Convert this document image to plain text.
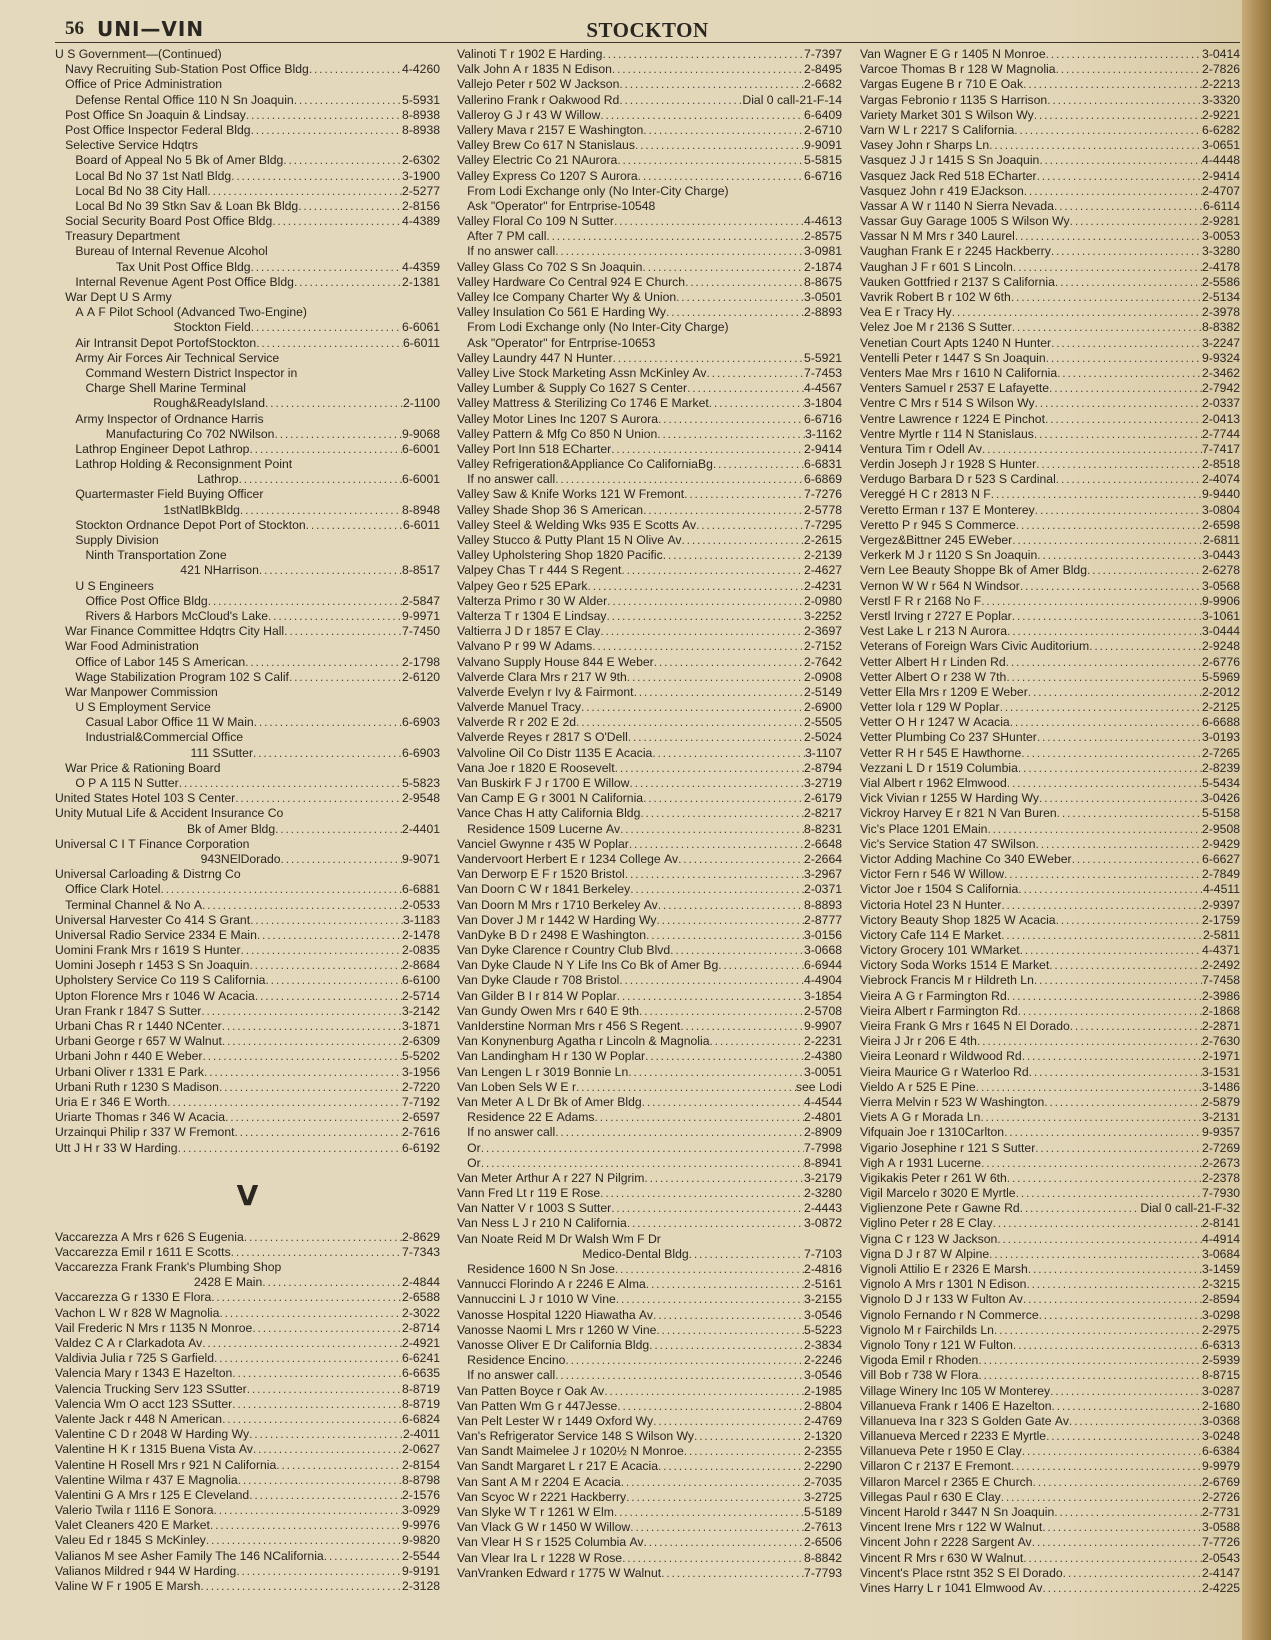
56 UNI—VIN	STOCKTON
U S Government—(Continued)
Navy Recruiting Sub-Station Post Office Bldg .....	4-4260
Office of Price Administration
Defense Rental Office 110 N Sn Joaquin .....	5-5931
Post Office Sn Joaquin & Lindsay .....	8-8938
Post Office Inspector Federal Bldg .....	8-8938
Selective Service Hdqtrs
Board of Appeal No 5 Bk of Amer Bldg .....	2-6302
Local Bd No 37 1st Natl Bldg .....	3-1900
Local Bd No 38 City Hall .....	2-5277
Local Bd No 39 Stkn Sav & Loan Bk Bldg .....	2-8156
Social Security Board Post Office Bldg .....	4-4389
Treasury Department
Bureau of Internal Revenue Alcohol
Tax Unit Post Office Bldg .....	4-4359
Internal Revenue Agent Post Office Bldg .....	2-1381
War Dept U S Army
A A F Pilot School (Advanced Two-Engine)
Stockton Field .....	6-6061
Air Intransit Depot PortofStockton .....	6-6011
Army Air Forces Air Technical Service
Command Western District Inspector in
Charge Shell Marine Terminal
Rough&ReadyIsland .....	2-1100
Army Inspector of Ordnance Harris
Manufacturing Co 702 NWilson .....	9-9068
Lathrop Engineer Depot Lathrop .....	6-6001
Lathrop Holding & Reconsignment Point
Lathrop .....	6-6001
Quartermaster Field Buying Officer
1stNatlBkBldg .....	8-8948
Stockton Ordnance Depot Port of Stockton .....	6-6011
Supply Division
Ninth Transportation Zone
421 NHarrison .....	8-8517
U S Engineers
Office Post Office Bldg .....	2-5847
Rivers & Harbors McCloud's Lake .....	9-9971
War Finance Committee Hdqtrs City Hall .....	7-7450
War Food Administration
Office of Labor 145 S American .....	2-1798
Wage Stabilization Program 102 S Calif .....	2-6120
War Manpower Commission
U S Employment Service
Casual Labor Office 11 W Main .....	6-6903
Industrial&Commercial Office
111 SSutter .....	6-6903
War Price & Rationing Board
O P A 115 N Sutter .....	5-5823
United States Hotel 103 S Center .....	2-9548
Unity Mutual Life & Accident Insurance Co
Bk of Amer Bldg .....	2-4401
Universal C I T Finance Corporation
943NElDorado .....	9-9071
Universal Carloading & Distrng Co
Office Clark Hotel .....	6-6881
Terminal Channel & No A .....	2-0533
Universal Harvester Co 414 S Grant .....	3-1183
Universal Radio Service 2334 E Main .....	2-1478
Uomini Frank Mrs r 1619 S Hunter .....	2-0835
Uomini Joseph r 1453 S Sn Joaquin .....	2-8684
Upholstery Service Co 119 S California .....	6-6100
Upton Florence Mrs r 1046 W Acacia .....	2-5714
Uran Frank r 1847 S Sutter .....	3-2142
Urbani Chas R r 1440 NCenter .....	3-1871
Urbani George r 657 W Walnut .....	2-6309
Urbani John r 440 E Weber .....	5-5202
Urbani Oliver r 1331 E Park .....	3-1956
Urbani Ruth r 1230 S Madison .....	2-7220
Uria E r 346 E Worth .....	7-7192
Uriarte Thomas r 346 W Acacia .....	2-6597
Urzainqui Philip r 337 W Fremont .....	2-7616
Utt J H r 33 W Harding .....	6-6192
V
Vaccarezza A Mrs r 626 S Eugenia .....	2-8629
Vaccarezza Emil r 1611 E Scotts .....	7-7343
Vaccarezza Frank Frank's Plumbing Shop
2428 E Main .....	2-4844
Vaccarezza G r 1330 E Flora .....	2-6588
Vachon L W r 828 W Magnolia .....	2-3022
Vail Frederic N Mrs r 1135 N Monroe .....	2-8714
Valdez C A r Clarkadota Av .....	2-4921
Valdivia Julia r 725 S Garfield .....	6-6241
Valencia Mary r 1343 E Hazelton .....	6-6635
Valencia Trucking Serv 123 SSutter .....	8-8719
Valencia Wm O acct 123 SSutter .....	8-8719
Valente Jack r 448 N American .....	6-6824
Valentine C D r 2048 W Harding Wy .....	2-4011
Valentine H K r 1315 Buena Vista Av .....	2-0627
Valentine H Rosell Mrs r 921 N California .....	2-8154
Valentine Wilma r 437 E Magnolia .....	8-8798
Valentini G A Mrs r 125 E Cleveland .....	2-1576
Valerio Twila r 1116 E Sonora .....	3-0929
Valet Cleaners 420 E Market .....	9-9976
Valeu Ed r 1845 S McKinley .....	9-9820
Valianos M see Asher Family The 146 NCalifornia .....	2-5544
Valianos Mildred r 944 W Harding .....	9-9191
Valine W F r 1905 E Marsh .....	2-3128
Valinoti T r 1902 E Harding .....	7-7397
Valk John A r 1835 N Edison .....	2-8495
Vallejo Peter r 502 W Jackson .....	2-6682
Vallerino Frank r Oakwood Rd .....	Dial 0 call-21-F-14
Valleroy G J r 43 W Willow .....	6-6409
Vallery Mava r 2157 E Washington .....	2-6710
Valley Brew Co 617 N Stanislaus .....	9-9091
Valley Electric Co 21 NAurora .....	5-5815
Valley Express Co 1207 S Aurora .....	6-6716
From Lodi Exchange only (No Inter-City Charge)
Ask "Operator" for Entrprise-10548
Valley Floral Co 109 N Sutter .....	4-4613
After 7 PM call .....	2-8575
If no answer call .....	3-0981
Valley Glass Co 702 S Sn Joaquin .....	2-1874
Valley Hardware Co Central 924 E Church .....	8-8675
Valley Ice Company Charter Wy & Union .....	3-0501
Valley Insulation Co 561 E Harding Wy .....	2-8893
From Lodi Exchange only (No Inter-City Charge)
Ask "Operator" for Entrprise-10653
Valley Laundry 447 N Hunter .....	5-5921
Valley Live Stock Marketing Assn McKinley Av .....	7-7453
Valley Lumber & Supply Co 1627 S Center .....	4-4567
Valley Mattress & Sterilizing Co 1746 E Market .....	3-1804
Valley Motor Lines Inc 1207 S Aurora .....	6-6716
Valley Pattern & Mfg Co 850 N Union .....	3-1162
Valley Port Inn 518 ECharter .....	2-9414
Valley Refrigeration&Appliance Co CaliforniaBg .....	6-6831
If no answer call .....	6-6869
Valley Saw & Knife Works 121 W Fremont .....	7-7276
Valley Shade Shop 36 S American .....	2-5778
Valley Steel & Welding Wks 935 E Scotts Av .....	7-7295
Valley Stucco & Putty Plant 15 N Olive Av .....	2-2615
Valley Upholstering Shop 1820 Pacific .....	2-2139
Valpey Chas T r 444 S Regent .....	2-4627
Valpey Geo r 525 EPark .....	2-4231
Valterza Primo r 30 W Alder .....	2-0980
Valterza T r 1304 E Lindsay .....	3-2252
Valtierra J D r 1857 E Clay .....	2-3697
Valvano P r 99 W Adams .....	2-7152
Valvano Supply House 844 E Weber .....	2-7642
Valverde Clara Mrs r 217 W 9th .....	2-0908
Valverde Evelyn r Ivy & Fairmont .....	2-5149
Valverde Manuel Tracy .....	2-6900
Valverde R r 202 E 2d .....	2-5505
Valverde Reyes r 2817 S O'Dell .....	2-5024
Valvoline Oil Co Distr 1135 E Acacia .....	3-1107
Vana Joe r 1820 E Roosevelt .....	2-8794
Van Buskirk F J r 1700 E Willow .....	3-2719
Van Camp E G r 3001 N California .....	2-6179
Vance Chas H atty California Bldg .....	2-8217
Residence 1509 Lucerne Av .....	8-8231
Vanciel Gwynne r 435 W Poplar .....	2-6648
Vandervoort Herbert E r 1234 College Av .....	2-2664
Van Derworp E F r 1520 Bristol .....	3-2967
Van Doorn C W r 1841 Berkeley .....	2-0371
Van Doorn M Mrs r 1710 Berkeley Av .....	8-8893
Van Dover J M r 1442 W Harding Wy .....	2-8777
VanDyke B D r 2498 E Washington .....	3-0156
Van Dyke Clarence r Country Club Blvd .....	3-0668
Van Dyke Claude N Y Life Ins Co Bk of Amer Bg .....	6-6944
Van Dyke Claude r 708 Bristol .....	4-4904
Van Gilder B I r 814 W Poplar .....	3-1854
Van Gundy Owen Mrs r 640 E 9th .....	2-5708
VanIderstine Norman Mrs r 456 S Regent .....	9-9907
Van Konynenburg Agatha r Lincoln & Magnolia .....	2-2231
Van Landingham H r 130 W Poplar .....	2-4380
Van Lengen L r 3019 Bonnie Ln .....	3-0051
Van Loben Sels W E r .....	see Lodi
Van Meter A L Dr Bk of Amer Bldg .....	4-4544
Residence 22 E Adams .....	2-4801
If no answer call .....	2-8909
Or .....	7-7998
Or .....	8-8941
Van Meter Arthur A r 227 N Pilgrim .....	3-2179
Vann Fred Lt r 119 E Rose .....	2-3280
Van Natter V r 1003 S Sutter .....	2-4443
Van Ness L J r 210 N California .....	3-0872
Van Noate Reid M Dr Walsh Wm F Dr
Medico-Dental Bldg .....	7-7103
Residence 1600 N Sn Jose .....	2-4816
Vannucci Florindo A r 2246 E Alma .....	2-5161
Vannuccini L J r 1010 W Vine .....	3-2155
Vanosse Hospital 1220 Hiawatha Av .....	3-0546
Vanosse Naomi L Mrs r 1260 W Vine .....	5-5223
Vanosse Oliver E Dr California Bldg .....	2-3834
Residence Encino .....	2-2246
If no answer call .....	3-0546
Van Patten Boyce r Oak Av .....	2-1985
Van Patten Wm G r 447Jesse .....	2-8804
Van Pelt Lester W r 1449 Oxford Wy .....	2-4769
Van's Refrigerator Service 148 S Wilson Wy .....	2-1320
Van Sandt Maimelee J r 1020½ N Monroe .....	2-2355
Van Sandt Margaret L r 217 E Acacia .....	2-2290
Van Sant A M r 2204 E Acacia .....	2-7035
Van Scyoc W r 2221 Hackberry .....	3-2725
Van Slyke W T r 1261 W Elm .....	5-5189
Van Vlack G W r 1450 W Willow .....	2-7613
Van Vlear H S r 1525 Columbia Av .....	2-6506
Van Vlear Ira L r 1228 W Rose .....	8-8842
VanVranken Edward r 1775 W Walnut .....	7-7793
Van Wagner E G r 1405 N Monroe .....	3-0414
Varcoe Thomas B r 128 W Magnolia .....	2-7826
Vargas Eugene B r 710 E Oak .....	2-2213
Vargas Febronio r 1135 S Harrison .....	3-3320
Variety Market 301 S Wilson Wy .....	2-9221
Varn W L r 2217 S California .....	6-6282
Vasey John r Sharps Ln .....	3-0651
Vasquez J J r 1415 S Sn Joaquin .....	4-4448
Vasquez Jack Red 518 ECharter .....	2-9414
Vasquez John r 419 EJackson .....	2-4707
Vassar A W r 1140 N Sierra Nevada .....	6-6114
Vassar Guy Garage 1005 S Wilson Wy .....	2-9281
Vassar N M Mrs r 340 Laurel .....	3-0053
Vaughan Frank E r 2245 Hackberry .....	3-3280
Vaughan J F r 601 S Lincoln .....	2-4178
Vauken Gottfried r 2137 S California .....	2-5586
Vavrik Robert B r 102 W 6th .....	2-5134
Vea E r Tracy Hy .....	2-3978
Velez Joe M r 2136 S Sutter .....	8-8382
Venetian Court Apts 1240 N Hunter .....	3-2247
Ventelli Peter r 1447 S Sn Joaquin .....	9-9324
Venters Mae Mrs r 1610 N California .....	2-3462
Venters Samuel r 2537 E Lafayette .....	2-7942
Ventre C Mrs r 514 S Wilson Wy .....	2-0337
Ventre Lawrence r 1224 E Pinchot .....	2-0413
Ventre Myrtle r 114 N Stanislaus .....	2-7744
Ventura Tim r Odell Av .....	7-7417
Verdin Joseph J r 1928 S Hunter .....	2-8518
Verdugo Barbara D r 523 S Cardinal .....	2-4074
Vereggé H C r 2813 N F .....	9-9440
Veretto Erman r 137 E Monterey .....	3-0804
Veretto P r 945 S Commerce .....	2-6598
Vergez&Bittner 245 EWeber .....	2-6811
Verkerk M J r 1120 S Sn Joaquin .....	3-0443
Vern Lee Beauty Shoppe Bk of Amer Bldg .....	2-6278
Vernon W W r 564 N Windsor .....	3-0568
Verstl F R r 2168 No F .....	9-9906
Verstl Irving r 2727 E Poplar .....	3-1061
Vest Lake L r 213 N Aurora .....	3-0444
Veterans of Foreign Wars Civic Auditorium .....	2-9248
Vetter Albert H r Linden Rd .....	2-6776
Vetter Albert O r 238 W 7th .....	5-5969
Vetter Ella Mrs r 1209 E Weber .....	2-2012
Vetter Iola r 129 W Poplar .....	2-2125
Vetter O H r 1247 W Acacia .....	6-6688
Vetter Plumbing Co 237 SHunter .....	3-0193
Vetter R H r 545 E Hawthorne .....	2-7265
Vezzani L D r 1519 Columbia .....	2-8239
Vial Albert r 1962 Elmwood .....	5-5434
Vick Vivian r 1255 W Harding Wy .....	3-0426
Vickroy Harvey E r 821 N Van Buren .....	5-5158
Vic's Place 1201 EMain .....	2-9508
Vic's Service Station 47 SWilson .....	2-9429
Victor Adding Machine Co 340 EWeber .....	6-6627
Victor Fern r 546 W Willow .....	2-7849
Victor Joe r 1504 S California .....	4-4511
Victoria Hotel 23 N Hunter .....	2-9397
Victory Beauty Shop 1825 W Acacia .....	2-1759
Victory Cafe 114 E Market .....	2-5811
Victory Grocery 101 WMarket .....	4-4371
Victory Soda Works 1514 E Market .....	2-2492
Viebrock Francis M r Hildreth Ln .....	7-7458
Vieira A G r Farmington Rd .....	2-3986
Vieira Albert r Farmington Rd .....	2-1868
Vieira Frank G Mrs r 1645 N El Dorado .....	2-2871
Vieira J Jr r 206 E 4th .....	2-7630
Vieira Leonard r Wildwood Rd .....	2-1971
Vieira Maurice G r Waterloo Rd .....	3-1531
Vieldo A r 525 E Pine .....	3-1486
Vierra Melvin r 523 W Washington .....	2-5879
Viets A G r Morada Ln .....	3-2131
Vifquain Joe r 1310Carlton .....	9-9357
Vigario Josephine r 121 S Sutter .....	2-7269
Vigh A r 1931 Lucerne .....	2-2673
Vigikakis Peter r 261 W 6th .....	2-2378
Vigil Marcelo r 3020 E Myrtle .....	7-7930
Viglienzone Pete r Gawne Rd .....	Dial 0 call-21-F-32
Viglino Peter r 28 E Clay .....	2-8141
Vigna C r 123 W Jackson .....	4-4914
Vigna D J r 87 W Alpine .....	3-0684
Vignoli Attilio E r 2326 E Marsh .....	3-1459
Vignolo A Mrs r 1301 N Edison .....	2-3215
Vignolo D J r 133 W Fulton Av .....	2-8594
Vignolo Fernando r N Commerce .....	3-0298
Vignolo M r Fairchilds Ln .....	2-2975
Vignolo Tony r 121 W Fulton .....	6-6313
Vigoda Emil r Rhoden .....	2-5939
Vill Bob r 738 W Flora .....	8-8715
Village Winery Inc 105 W Monterey .....	3-0287
Villanueva Frank r 1406 E Hazelton .....	2-1680
Villanueva Ina r 323 S Golden Gate Av .....	3-0368
Villanueva Merced r 2233 E Myrtle .....	3-0248
Villanueva Pete r 1950 E Clay .....	6-6384
Villaron C r 2137 E Fremont .....	9-9979
Villaron Marcel r 2365 E Church .....	2-6769
Villegas Paul r 630 E Clay .....	2-2726
Vincent Harold r 3447 N Sn Joaquin .....	2-7731
Vincent Irene Mrs r 122 W Walnut .....	3-0588
Vincent John r 2228 Sargent Av .....	7-7726
Vincent R Mrs r 630 W Walnut .....	2-0543
Vincent's Place rstnt 352 S El Dorado .....	2-4147
Vines Harry L r 1041 Elmwood Av .....	2-4225
